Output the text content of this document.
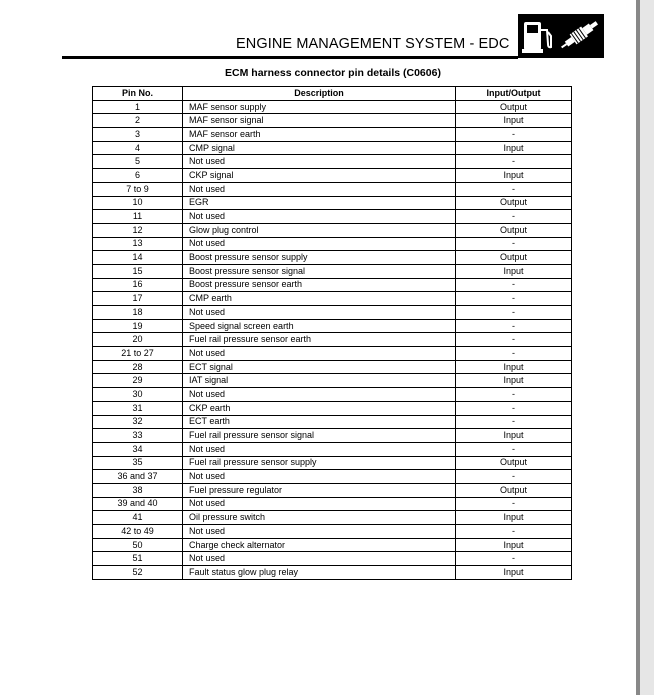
ENGINE MANAGEMENT SYSTEM - EDC
ECM harness connector pin details (C0606)
Pin No.	Description	Input/Output
1	MAF sensor supply	Output
2	MAF sensor signal	Input
3	MAF sensor earth	-
4	CMP signal	Input
5	Not used	-
6	CKP signal	Input
7 to 9	Not used	-
10	EGR	Output
11	Not used	-
12	Glow plug control	Output
13	Not used	-
14	Boost pressure sensor supply	Output
15	Boost pressure sensor signal	Input
16	Boost pressure sensor earth	-
17	CMP earth	-
18	Not used	-
19	Speed signal screen earth	-
20	Fuel rail pressure sensor earth	-
21 to 27	Not used	-
28	ECT signal	Input
29	IAT signal	Input
30	Not used	-
31	CKP earth	-
32	ECT earth	-
33	Fuel rail pressure sensor signal	Input
34	Not used	-
35	Fuel rail pressure sensor supply	Output
36 and 37	Not used	-
38	Fuel pressure regulator	Output
39 and 40	Not used	-
41	Oil pressure switch	Input
42 to 49	Not used	-
50	Charge check alternator	Input
51	Not used	-
52	Fault status glow plug relay	Input
